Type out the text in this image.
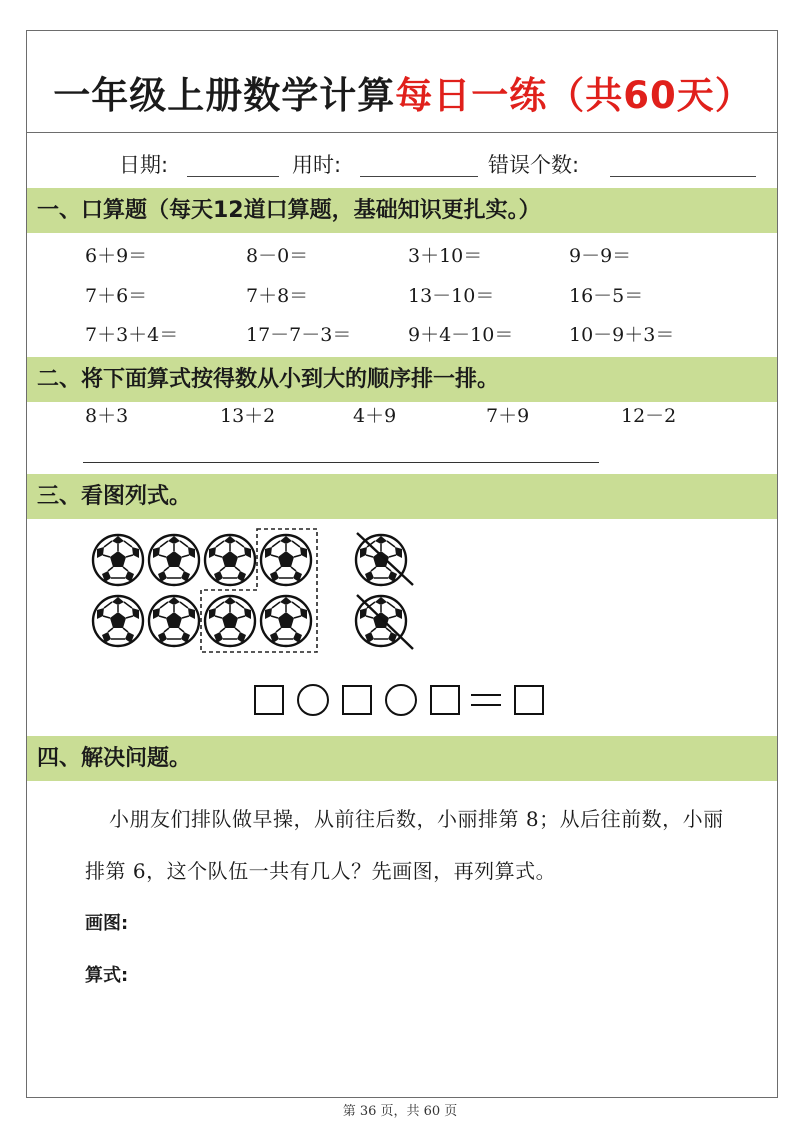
一年级上册数学计算每日一练（共60天）
日期:	用时:	错误个数:
一、口算题（每天12道口算题，基础知识更扎实。）
6＋9＝	8－0＝	3＋10＝	9－9＝
7＋6＝	7＋8＝	13－10＝	16－5＝
7＋3＋4＝	17－7－3＝	9＋4－10＝	10－9＋3＝
二、将下面算式按得数从小到大的顺序排一排。
8＋3	13＋2	4＋9	7＋9	12－2
三、看图列式。
四、解决问题。
小朋友们排队做早操，从前往后数，小丽排第 8；从后往前数，小丽排第 6，这个队伍一共有几人？先画图，再列算式。
画图:
算式:
第 36 页，共 60 页
